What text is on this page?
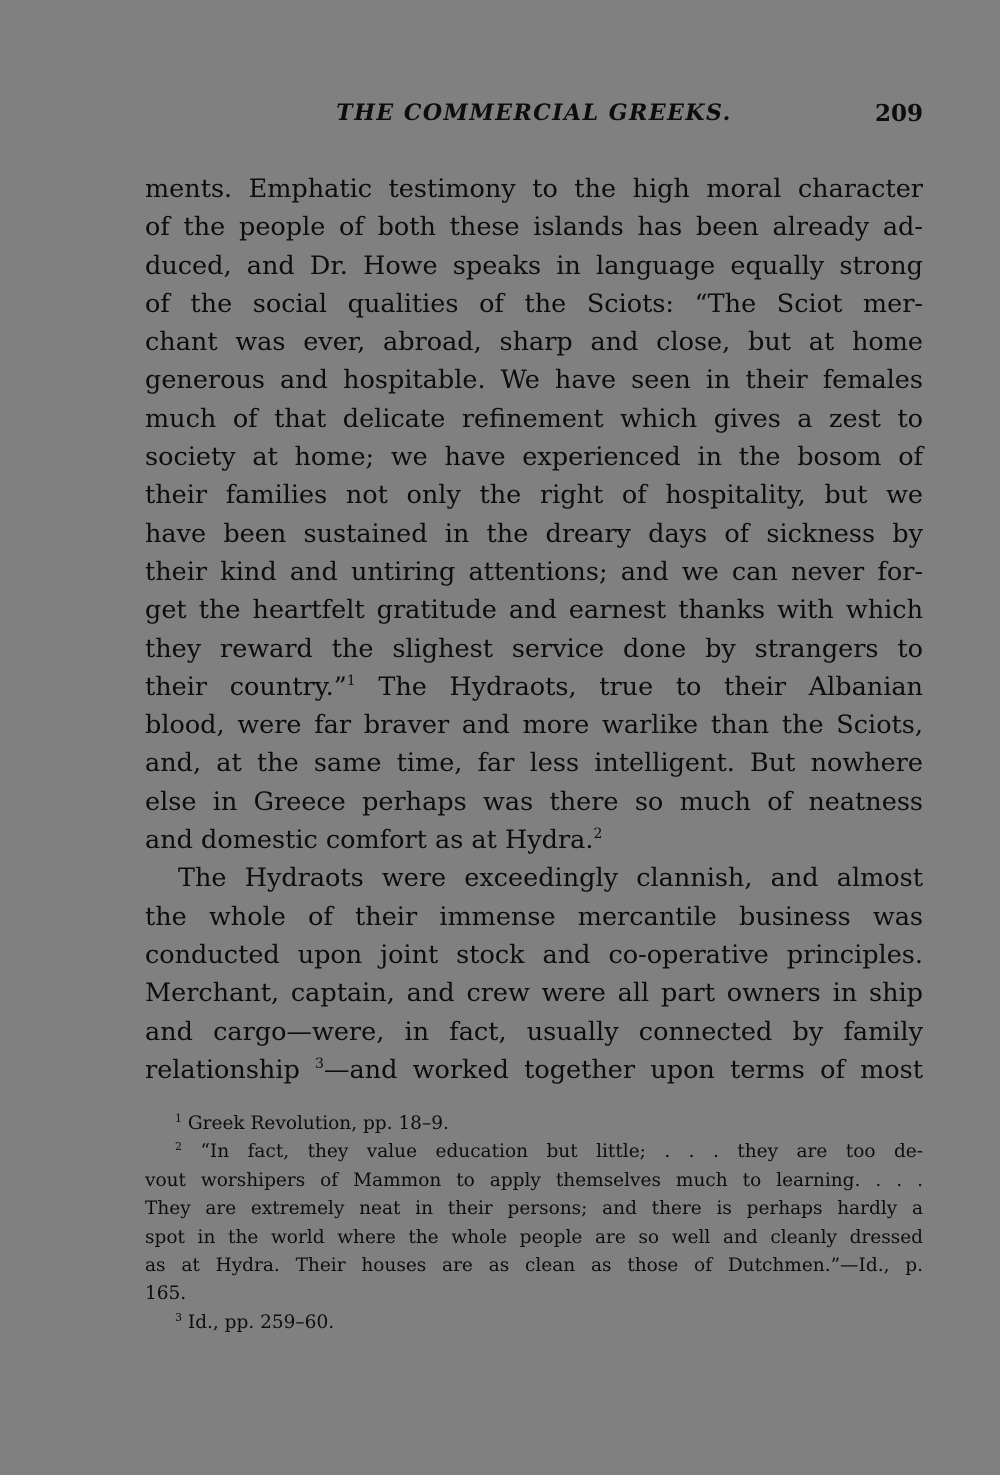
THE COMMERCIAL GREEKS.	209
ments. Emphatic testimony to the high moral character
of the people of both these islands has been already ad-
duced, and Dr. Howe speaks in language equally strong
of the social qualities of the Sciots: “The Sciot mer-
chant was ever, abroad, sharp and close, but at home
generous and hospitable. We have seen in their females
much of that delicate refinement which gives a zest to
society at home; we have experienced in the bosom of
their families not only the right of hospitality, but we
have been sustained in the dreary days of sickness by
their kind and untiring attentions; and we can never for-
get the heartfelt gratitude and earnest thanks with which
they reward the slighest service done by strangers to
their country.”$^1$ The Hydraots, true to their Albanian
blood, were far braver and more warlike than the Sciots,
and, at the same time, far less intelligent. But nowhere
else in Greece perhaps was there so much of neatness
and domestic comfort as at Hydra.$^2$
The Hydraots were exceedingly clannish, and almost
the whole of their immense mercantile business was
conducted upon joint stock and co-operative principles.
Merchant, captain, and crew were all part owners in ship
and cargo—were, in fact, usually connected by family
relationship $^3$—and worked together upon terms of most
$^1$ Greek Revolution, pp. 18–9.
$^2$ “In fact, they value education but little; . . . they are too de-
vout worshipers of Mammon to apply themselves much to learning. . . .
They are extremely neat in their persons; and there is perhaps hardly a
spot in the world where the whole people are so well and cleanly dressed
as at Hydra. Their houses are as clean as those of Dutchmen.”—Id., p.
165.
$^3$ Id., pp. 259–60.
